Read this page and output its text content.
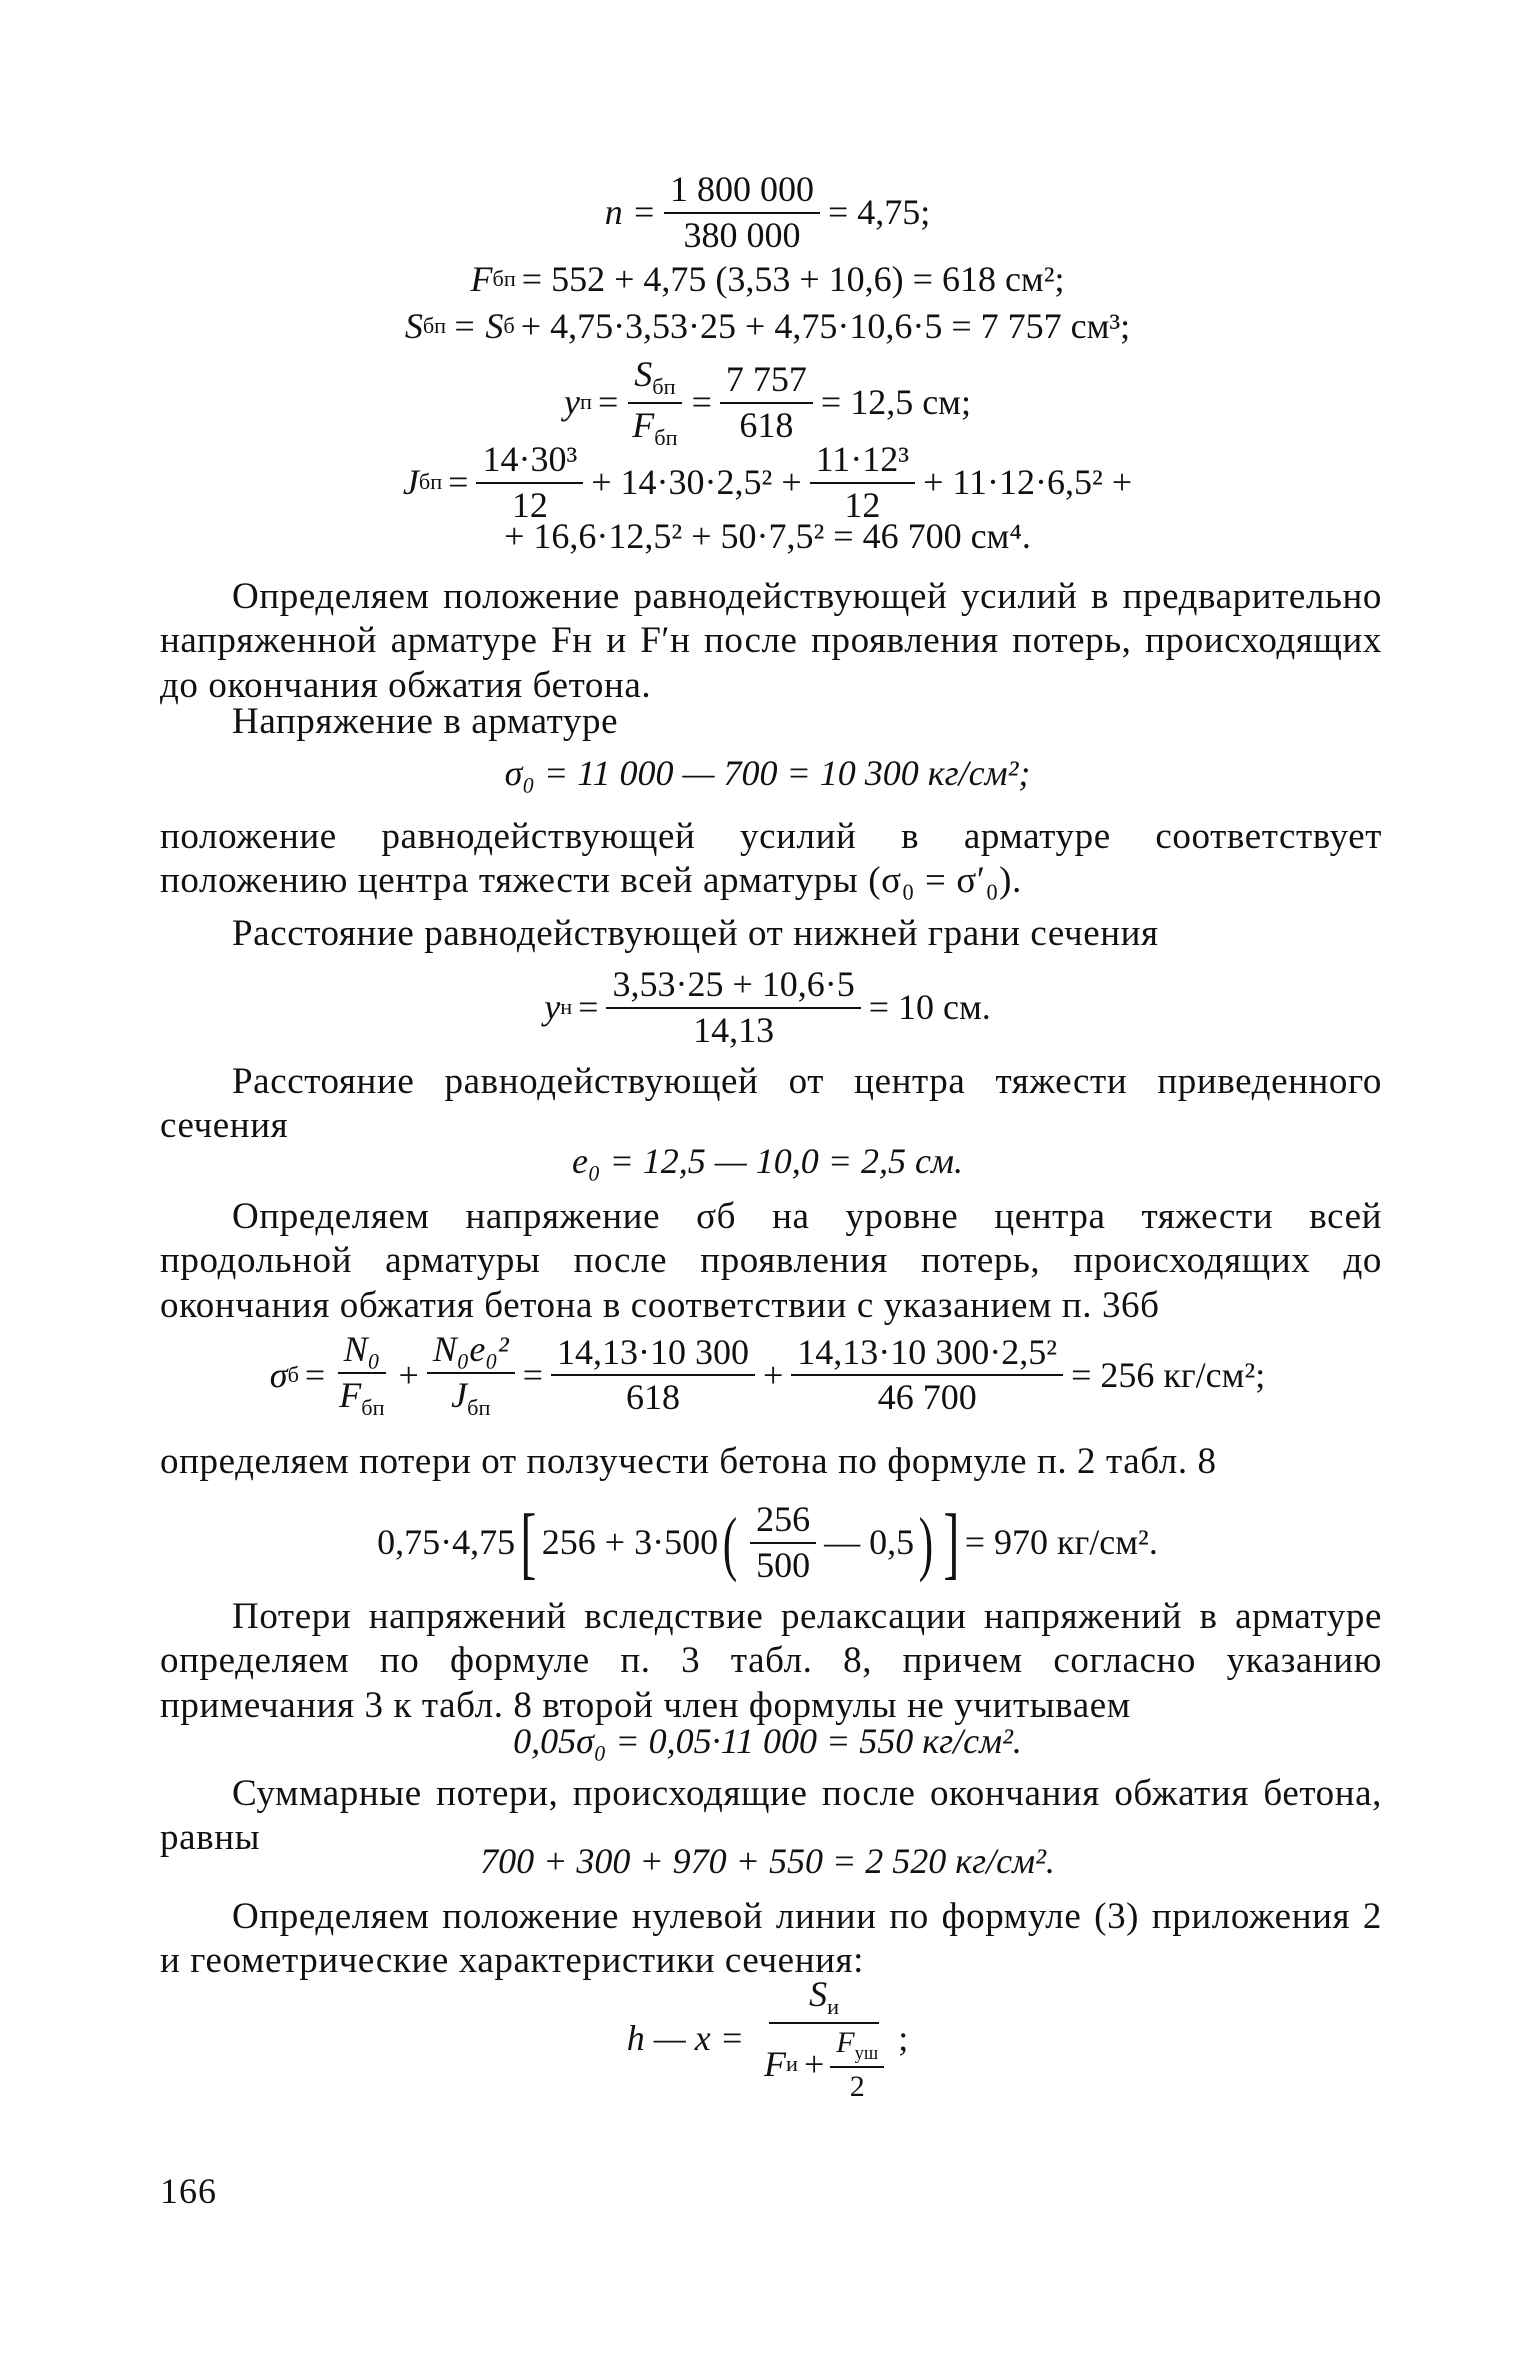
$n = \frac{1 800 000}{380 000} = 4,75$;
F бп = 552 + 4,75 (3,53 + 10,6) = 618 см²;
S бп = S б + 4,75·3,53·25 + 4,75·10,6·5 = 7 757 см³;
y $п = \frac{S_{бп}}{F_{бп}} = \frac{7 757}{618} = 12,5$ см;
J бп = $\frac{\text{14·30³}}{12} + 14\cdot 30\cdot 2,5^2 + \frac{\text{11·12³}}{12} + 11\cdot 12\cdot 6,5^2$ +
+ 16,6·12,5² + 50·7,5² = 46 700 см⁴.
Определяем положение равнодействующей усилий в предварительно напряженной арматуре Fн и F′н после проявления потерь, происходящих до окончания обжатия бетона.
Напряжение в арматуре
σ₀ = 11 000 — 700 = 10 300 кг/см²;
положение равнодействующей усилий в арматуре соответствует положению центра тяжести всей арматуры (σ₀ = σ′₀).
Расстояние равнодействующей от нижней грани сечения
y $н = \frac{3,53\cdot 25 + 10,6\cdot 5}{14,13} = 10$ см.
Расстояние равнодействующей от центра тяжести приведенного сечения
e₀ = 12,5 — 10,0 = 2,5 см.
Определяем напряжение σб на уровне центра тяжести всей продольной арматуры после проявления потерь, происходящих до окончания обжатия бетона в соответствии с указанием п. 36б
σ $б = \frac{\text{N₀}}{F_{бп}} + \frac{\text{N₀e₀²}}{J_{бп}} = \frac{14,13\cdot 10 300}{618} + \frac{\text{14,13·10 300·2,5²}}{46 700} = 256$ кг/см²;
определяем потери от ползучести бетона по формуле п. 2 табл. 8
0,75·4,75 [ 256 + 3·500 ( $\frac{256}{500}$ — 0,5 ) ] = 970 кг/см².
Потери напряжений вследствие релаксации напряжений в арматуре определяем по формуле п. 3 табл. 8, причем согласно указанию примечания 3 к табл. 8 второй член формулы не учитываем
0,05σ₀ = 0,05·11 000 = 550 кг/см².
Суммарные потери, происходящие после окончания обжатия бетона, равны
700 + 300 + 970 + 550 = 2 520 кг/см².
Определяем положение нулевой линии по формуле (3) приложения 2 и геометрические характеристики сечения:
h — $x = \frac{S_и}{F и + \frac{F_{уш}}{2}}$ ;
166
